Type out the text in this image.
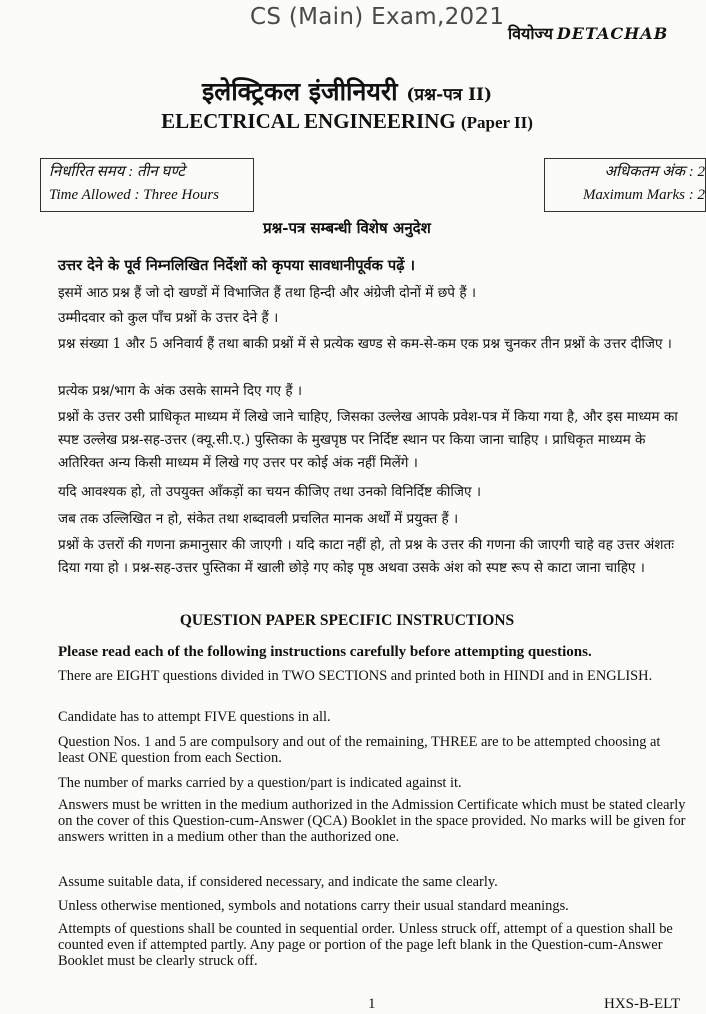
CS (Main) Exam,2021
वियोज्य DETACHAB
इलेक्ट्रिकल इंजीनियरी (प्रश्न-पत्र II)
ELECTRICAL ENGINEERING (Paper II)
निर्धारित समय : तीन घण्टे
Time Allowed : Three Hours
अधिकतम अंक : 2
Maximum Marks : 2
प्रश्न-पत्र सम्बन्धी विशेष अनुदेश

उत्तर देने के पूर्व निम्नलिखित निर्देशों को कृपया सावधानीपूर्वक पढ़ें ।

इसमें आठ प्रश्न हैं जो दो खण्डों में विभाजित हैं तथा हिन्दी और अंग्रेजी दोनों में छपे हैं ।

उम्मीदवार को कुल पाँच प्रश्नों के उत्तर देने हैं ।

प्रश्न संख्या 1 और 5 अनिवार्य हैं तथा बाकी प्रश्नों में से प्रत्येक खण्ड से कम-से-कम एक प्रश्न चुनकर तीन प्रश्नों के उत्तर दीजिए ।

प्रत्येक प्रश्न/भाग के अंक उसके सामने दिए गए हैं ।

प्रश्नों के उत्तर उसी प्राधिकृत माध्यम में लिखे जाने चाहिए, जिसका उल्लेख आपके प्रवेश-पत्र में किया गया है, और इस माध्यम का स्पष्ट उल्लेख प्रश्न-सह-उत्तर (क्यू.सी.ए.) पुस्तिका के मुखपृष्ठ पर निर्दिष्ट स्थान पर किया जाना चाहिए । प्राधिकृत माध्यम के अतिरिक्त अन्य किसी माध्यम में लिखे गए उत्तर पर कोई अंक नहीं मिलेंगे ।

यदि आवश्यक हो, तो उपयुक्त आँकड़ों का चयन कीजिए तथा उनको विनिर्दिष्ट कीजिए ।

जब तक उल्लिखित न हो, संकेत तथा शब्दावली प्रचलित मानक अर्थों में प्रयुक्त हैं ।

प्रश्नों के उत्तरों की गणना क्रमानुसार की जाएगी । यदि काटा नहीं हो, तो प्रश्न के उत्तर की गणना की जाएगी चाहे वह उत्तर अंशतः दिया गया हो । प्रश्न-सह-उत्तर पुस्तिका में खाली छोड़े गए कोइ पृष्ठ अथवा उसके अंश को स्पष्ट रूप से काटा जाना चाहिए ।

QUESTION PAPER SPECIFIC INSTRUCTIONS

Please read each of the following instructions carefully before attempting questions.

There are EIGHT questions divided in TWO SECTIONS and printed both in HINDI and in ENGLISH.

Candidate has to attempt FIVE questions in all.

Question Nos. 1 and 5 are compulsory and out of the remaining, THREE are to be attempted choosing at least ONE question from each Section.

The number of marks carried by a question/part is indicated against it.

Answers must be written in the medium authorized in the Admission Certificate which must be stated clearly on the cover of this Question-cum-Answer (QCA) Booklet in the space provided. No marks will be given for answers written in a medium other than the authorized one.

Assume suitable data, if considered necessary, and indicate the same clearly.

Unless otherwise mentioned, symbols and notations carry their usual standard meanings.

Attempts of questions shall be counted in sequential order. Unless struck off, attempt of a question shall be counted even if attempted partly. Any page or portion of the page left blank in the Question-cum-Answer Booklet must be clearly struck off.

1	HXS-B-ELT
